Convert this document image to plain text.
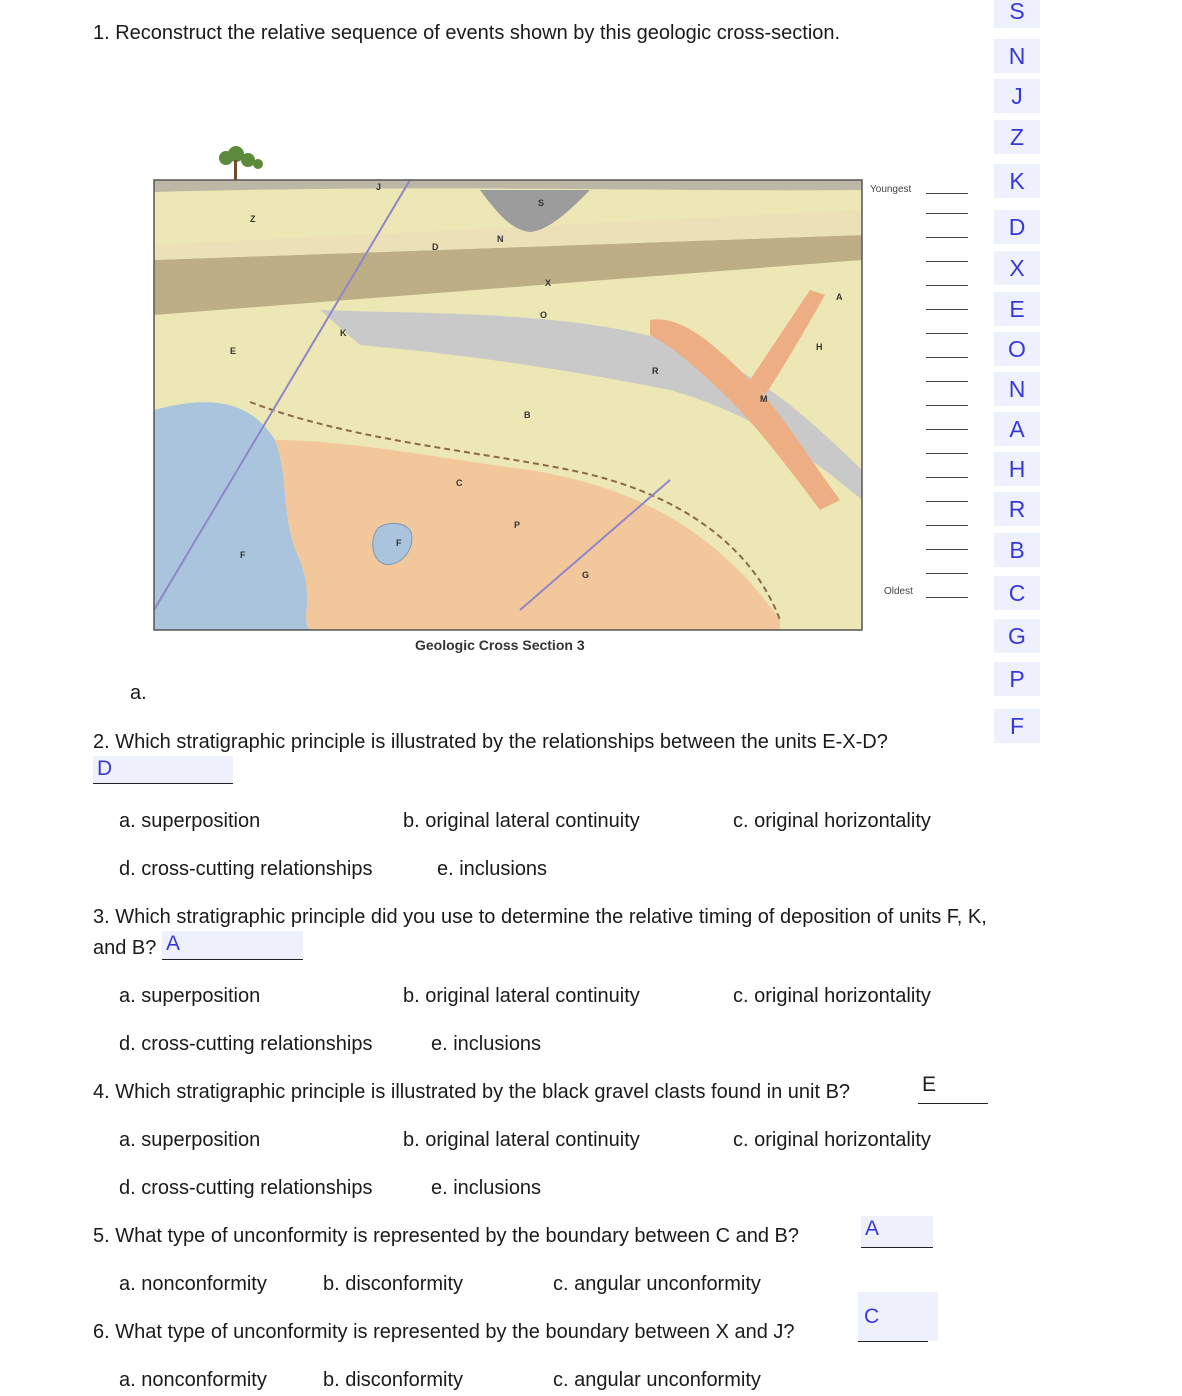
1. Reconstruct the relative sequence of events shown by this geologic cross-section.
J
Z
D
N
S
X
A
K
O
E	H
R
M
B
C
P
F
F
G
Geologic Cross Section 3
Youngest
Oldest
S
N
J
Z
K
D
X
E
O
N
A
H
R
B
C
G
P
F
a.
2. Which stratigraphic principle is illustrated by the relationships between the units E-X-D?
D
a. superposition	b. original lateral continuity	c. original horizontality
d. cross-cutting relationships	e. inclusions
3. Which stratigraphic principle did you use to determine the relative timing of deposition of units F, K,
and B? A
a. superposition	b. original lateral continuity	c. original horizontality
d. cross-cutting relationships	e. inclusions
4. Which stratigraphic principle is illustrated by the black gravel clasts found in unit B?	E
a. superposition	b. original lateral continuity	c. original horizontality
d. cross-cutting relationships	e. inclusions
5. What type of unconformity is represented by the boundary between C and B?	A
a. nonconformity	b. disconformity	c. angular unconformity
6. What type of unconformity is represented by the boundary between X and J?
C
a. nonconformity	b. disconformity	c. angular unconformity
